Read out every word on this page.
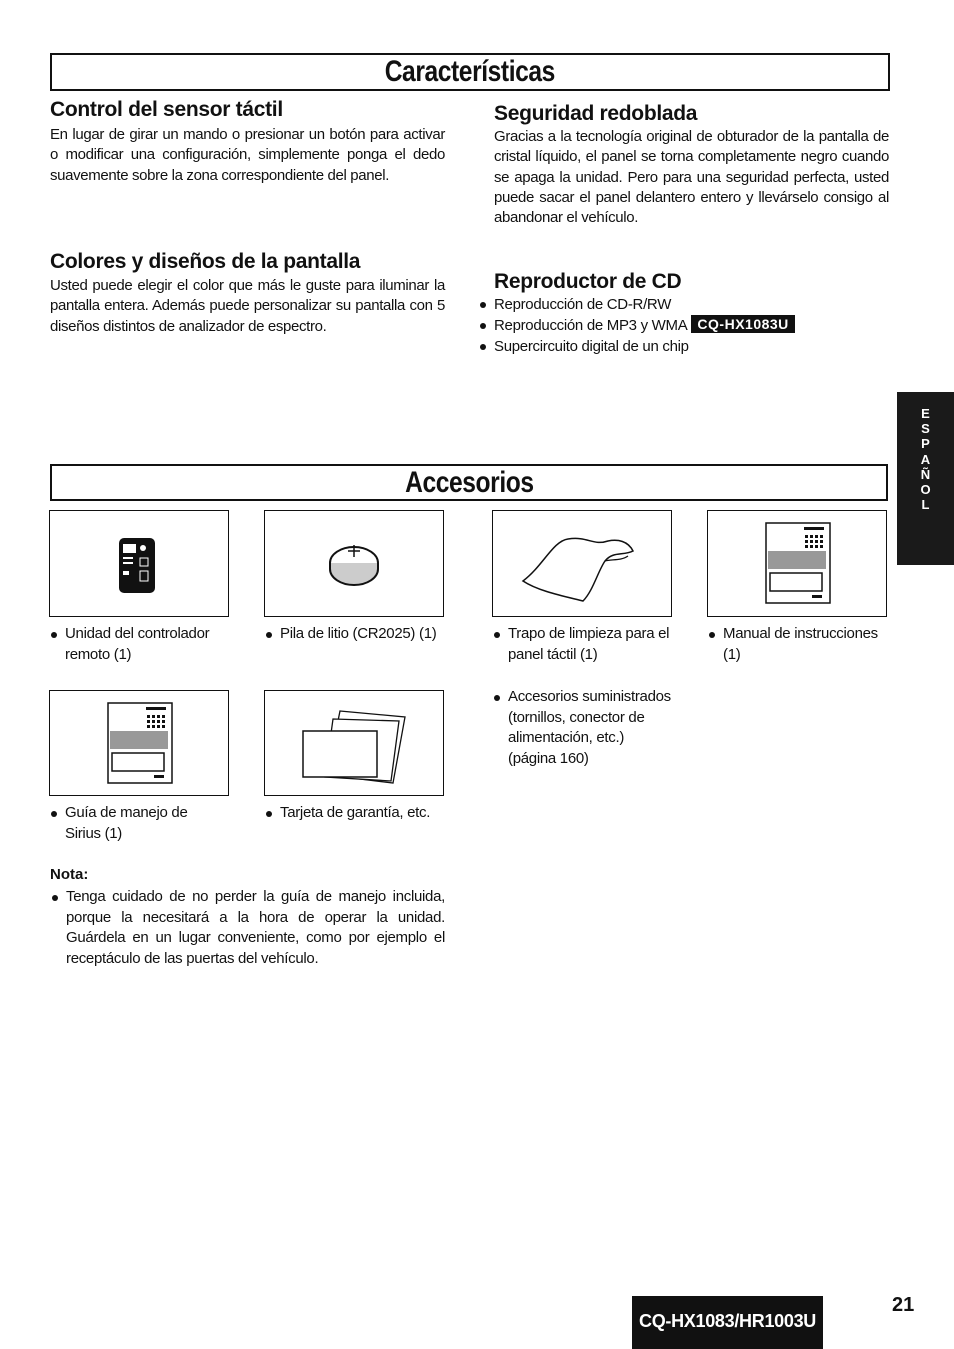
Características
Control del sensor táctil

En lugar de girar un mando o presionar un botón para activar o modificar una configuración, simplemente ponga el dedo suavemente sobre la zona correspondiente del panel.

Colores y diseños de la pantalla

Usted puede elegir el color que más le guste para iluminar la pantalla entera. Además puede personalizar su pantalla con 5 diseños distintos de analizador de espectro.

Seguridad redoblada

Gracias a la tecnología original de obturador de la pantalla de cristal líquido, el panel se torna completamente negro cuando se apaga la unidad. Pero para una seguridad perfecta, usted puede sacar el panel delantero entero y llevárselo consigo al abandonar el vehículo.

Reproductor de CD
Reproducción de CD-R/RW
Reproducción de MP3 y WMA CQ-HX1083U
Supercircuito digital de un chip
E
S
P
A
Ñ
O
L
Accesorios
Unidad del controlador remoto (1)
Pila de litio (CR2025) (1)	Trapo de limpieza para el panel táctil (1)
Manual de instrucciones (1)
Guía de manejo de Sirius (1)
Tarjeta de garantía, etc.
Accesorios suministrados (tornillos, conector de alimentación, etc.) (página 160)
Nota:
Tenga cuidado de no perder la guía de manejo incluida, porque la necesitará a la hora de operar la unidad. Guárdela en un lugar conveniente, como por ejemplo el receptáculo de las puertas del vehículo.
CQ-HX1083/HR1003U
21
